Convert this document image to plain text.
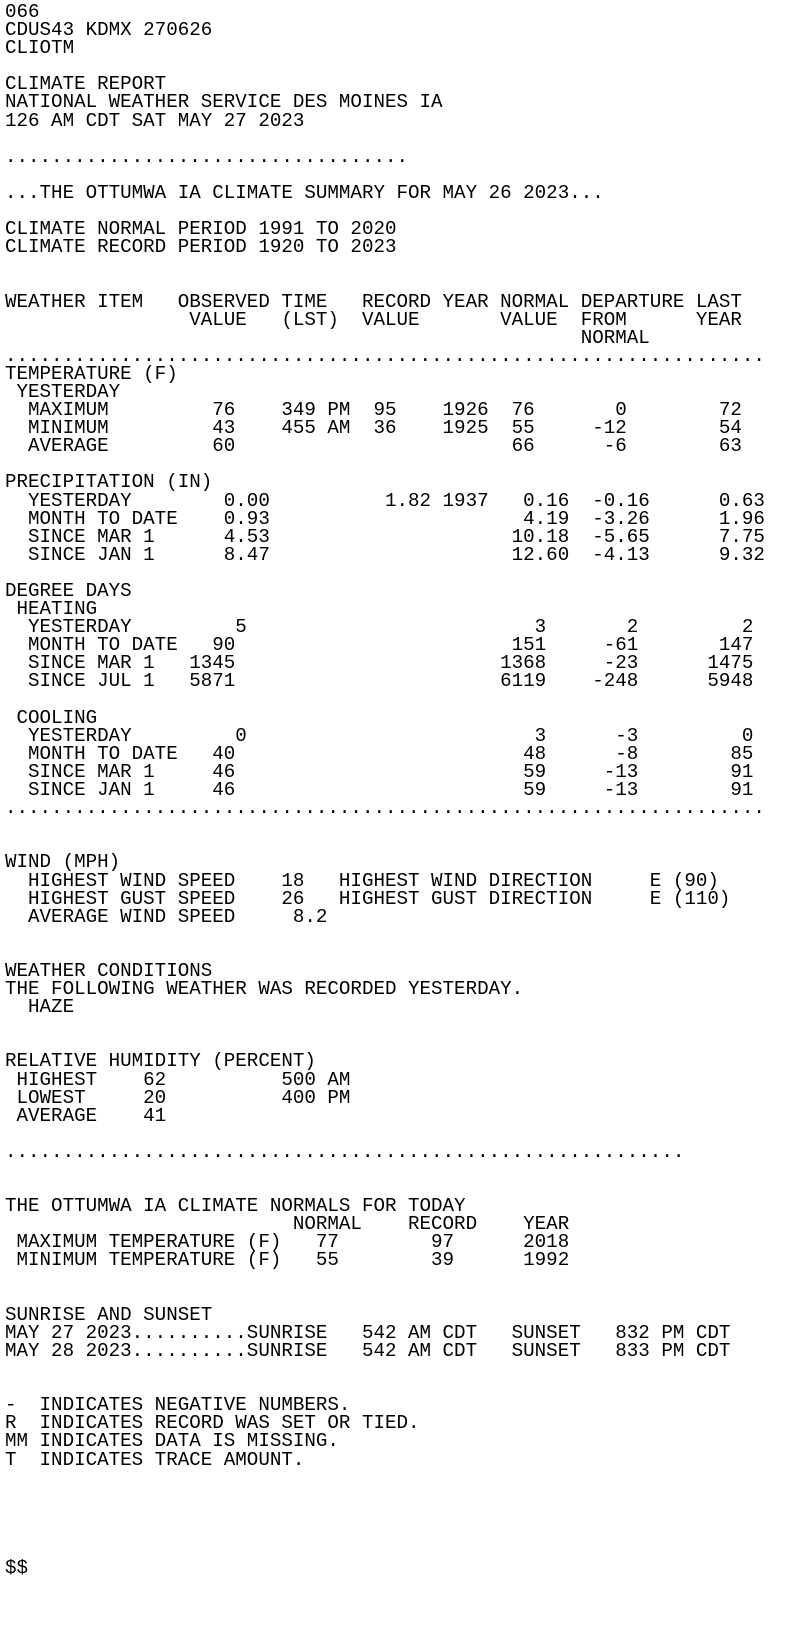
066
CDUS43 KDMX 270626
CLIOTM
CLIMATE REPORT
NATIONAL WEATHER SERVICE DES MOINES IA
126 AM CDT SAT MAY 27 2023
...................................
...THE OTTUMWA IA CLIMATE SUMMARY FOR MAY 26 2023...
CLIMATE NORMAL PERIOD 1991 TO 2020
CLIMATE RECORD PERIOD 1920 TO 2023
WEATHER ITEM   OBSERVED TIME   RECORD YEAR NORMAL DEPARTURE LAST
VALUE   (LST)  VALUE       VALUE  FROM      YEAR
NORMAL
..................................................................
TEMPERATURE (F)
YESTERDAY
MAXIMUM         76    349 PM  95    1926  76       0        72
MINIMUM         43    455 AM  36    1925  55     -12        54
AVERAGE         60                        66      -6        63
PRECIPITATION (IN)
YESTERDAY        0.00          1.82 1937   0.16  -0.16      0.63
MONTH TO DATE    0.93                      4.19  -3.26      1.96
SINCE MAR 1      4.53                     10.18  -5.65      7.75
SINCE JAN 1      8.47                     12.60  -4.13      9.32
DEGREE DAYS
HEATING
YESTERDAY         5                         3       2         2
MONTH TO DATE   90                        151     -61       147
SINCE MAR 1   1345                       1368     -23      1475
SINCE JUL 1   5871                       6119    -248      5948
COOLING
YESTERDAY         0                         3      -3         0
MONTH TO DATE   40                         48      -8        85
SINCE MAR 1     46                         59     -13        91
SINCE JAN 1     46                         59     -13        91
..................................................................
WIND (MPH)
HIGHEST WIND SPEED    18   HIGHEST WIND DIRECTION     E (90)
HIGHEST GUST SPEED    26   HIGHEST GUST DIRECTION     E (110)
AVERAGE WIND SPEED     8.2
WEATHER CONDITIONS
THE FOLLOWING WEATHER WAS RECORDED YESTERDAY.
HAZE
RELATIVE HUMIDITY (PERCENT)
HIGHEST    62          500 AM
LOWEST     20          400 PM
AVERAGE    41
...........................................................
THE OTTUMWA IA CLIMATE NORMALS FOR TODAY
NORMAL    RECORD    YEAR
MAXIMUM TEMPERATURE (F)   77        97      2018
MINIMUM TEMPERATURE (F)   55        39      1992
SUNRISE AND SUNSET
MAY 27 2023..........SUNRISE   542 AM CDT   SUNSET   832 PM CDT
MAY 28 2023..........SUNRISE   542 AM CDT   SUNSET   833 PM CDT
-  INDICATES NEGATIVE NUMBERS.
R  INDICATES RECORD WAS SET OR TIED.
MM INDICATES DATA IS MISSING.
T  INDICATES TRACE AMOUNT.
$$
